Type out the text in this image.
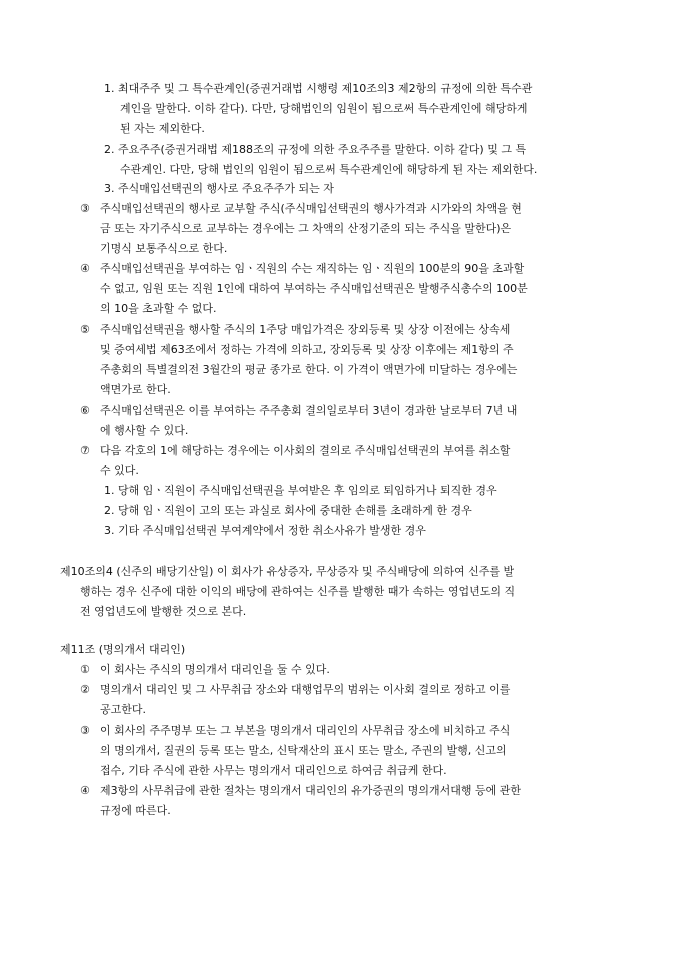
1. 최대주주 및 그 특수관계인(증권거래법 시행령 제10조의3 제2항의 규정에 의한 특수관
계인을 말한다. 이하 같다). 다만, 당해법인의 임원이 됨으로써 특수관계인에 해당하게
된 자는 제외한다.
2. 주요주주(증권거래법 제188조의 규정에 의한 주요주주를 말한다. 이하 같다) 및 그 특
수관계인. 다만, 당해 법인의 임원이 됨으로써 특수관계인에 해당하게 된 자는 제외한다.
3. 주식매입선택권의 행사로 주요주주가 되는 자
③ 주식매입선택권의 행사로 교부할 주식(주식매입선택권의 행사가격과 시가와의 차액을 현
금 또는 자기주식으로 교부하는 경우에는 그 차액의 산정기준의 되는 주식을 말한다)은
기명식 보통주식으로 한다.
④ 주식매입선택권을 부여하는 임ㆍ직원의 수는 재직하는 임ㆍ직원의 100분의 90을 초과할
수 없고, 임원 또는 직원 1인에 대하여 부여하는 주식매입선택권은 발행주식총수의 100분
의 10을 초과할 수 없다.
⑤ 주식매입선택권을 행사할 주식의 1주당 매입가격은 장외등록 및 상장 이전에는 상속세
및 증여세법 제63조에서 정하는 가격에 의하고, 장외등록 및 상장 이후에는 제1항의 주
주총회의 특별결의전 3월간의 평균 종가로 한다. 이 가격이 액면가에 미달하는 경우에는
액면가로 한다.
⑥ 주식매입선택권은 이를 부여하는 주주총회 결의일로부터 3년이 경과한 날로부터 7년 내
에 행사할 수 있다.
⑦ 다음 각호의 1에 해당하는 경우에는 이사회의 결의로 주식매입선택권의 부여를 취소할
수 있다.
1. 당해 임ㆍ직원이 주식매입선택권을 부여받은 후 임의로 퇴임하거나 퇴직한 경우
2. 당해 임ㆍ직원이 고의 또는 과실로 회사에 중대한 손해를 초래하게 한 경우
3. 기타 주식매입선택권 부여계약에서 정한 취소사유가 발생한 경우
제10조의4 (신주의 배당기산일) 이 회사가 유상증자, 무상증자 및 주식배당에 의하여 신주를 발
행하는 경우 신주에 대한 이익의 배당에 관하여는 신주를 발행한 때가 속하는 영업년도의 직
전 영업년도에 발행한 것으로 본다.
제11조 (명의개서 대리인)
① 이 회사는 주식의 명의개서 대리인을 둘 수 있다.
② 명의개서 대리인 및 그 사무취급 장소와 대행업무의 범위는 이사회 결의로 정하고 이를
공고한다.
③ 이 회사의 주주명부 또는 그 부본을 명의개서 대리인의 사무취급 장소에 비치하고 주식
의 명의개서, 질권의 등록 또는 말소, 신탁재산의 표시 또는 말소, 주권의 발행, 신고의
접수, 기타 주식에 관한 사무는 명의개서 대리인으로 하여금 취급케 한다.
④ 제3항의 사무취급에 관한 절차는 명의개서 대리인의 유가증권의 명의개서대행 등에 관한
규정에 따른다.
